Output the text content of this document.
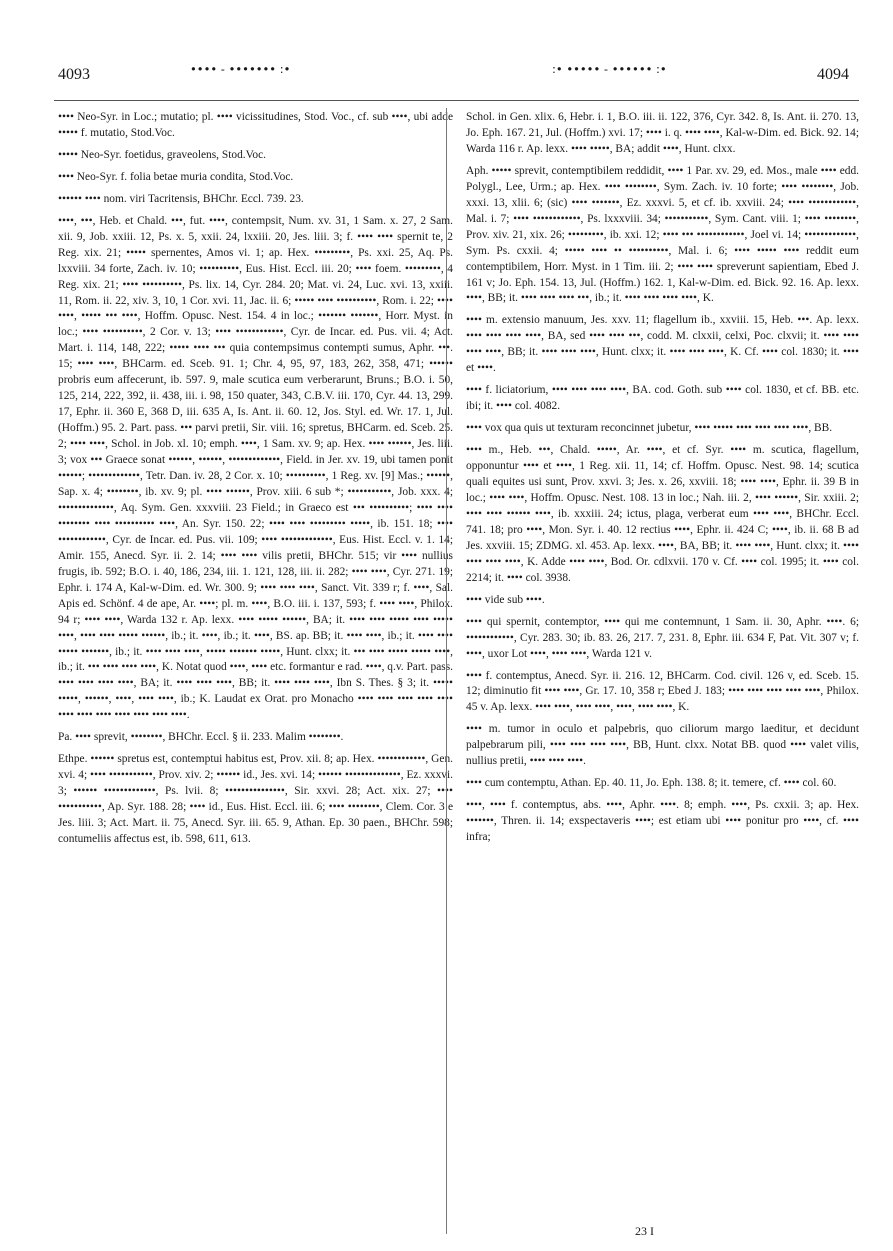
4093	•••• - ••••••• :•	:• ••••• - •••••• :•	4094

•••• Neo-Syr. in Loc.; mutatio; pl. •••• vicissitudines, Stod. Voc., cf. sub ••••, ubi adde ••••• f. mutatio, Stod.Voc.

••••• Neo-Syr. foetidus, graveolens, Stod.Voc.

•••• Neo-Syr. f. folia betae muria condita, Stod.Voc.

•••••• •••• nom. viri Tacritensis, BHChr. Eccl. 739. 23.

••••, •••, Heb. et Chald. •••, fut. ••••, contempsit, Num. xv. 31, 1 Sam. x. 27, 2 Sam. xii. 9, Job. xxiii. 12, Ps. x. 5, xxii. 24, lxxiii. 20, Jes. liii. 3; f. •••• •••• spernit te, 2 Reg. xix. 21; ••••• spernentes, Amos vi. 1; ap. Hex. •••••••••, Ps. xxi. 25, Aq. Ps. lxxviii. 34 forte, Zach. iv. 10; ••••••••••, Eus. Hist. Eccl. iii. 20; •••• foem. •••••••••, 4 Reg. xix. 21; •••• ••••••••••, Ps. lix. 14, Cyr. 284. 20; Mat. vi. 24, Luc. xvi. 13, xxiii. 11, Rom. ii. 22, xiv. 3, 10, 1 Cor. xvi. 11, Jac. ii. 6; ••••• •••• ••••••••••, Rom. i. 22; •••• ••••, ••••• ••• ••••, Hoffm. Opusc. Nest. 154. 4 in loc.; ••••••• •••••••, Horr. Myst. in loc.; •••• ••••••••••, 2 Cor. v. 13; •••• ••••••••••••, Cyr. de Incar. ed. Pus. vii. 4; Act. Mart. i. 114, 148, 222; ••••• •••• ••• quia contempsimus contempti sumus, Aphr. •••. 15; •••• ••••, BHCarm. ed. Sceb. 91. 1; Chr. 4, 95, 97, 183, 262, 358, 471; •••••• probris eum affecerunt, ib. 597. 9, male scutica eum verberarunt, Bruns.; B.O. i. 50, 125, 214, 222, 392, ii. 438, iii. i. 98, 150 quater, 343, C.B.V. iii. 170, Cyr. 44. 13, 299. 17, Ephr. ii. 360 E, 368 D, iii. 635 A, Is. Ant. ii. 60. 12, Jos. Styl. ed. Wr. 17. 1, Jul. (Hoffm.) 95. 2. Part. pass. ••• parvi pretii, Sir. viii. 16; spretus, BHCarm. ed. Sceb. 25. 2; •••• ••••, Schol. in Job. xl. 10; emph. ••••, 1 Sam. xv. 9; ap. Hex. •••• ••••••, Jes. liii. 3; vox ••• Graece sonat ••••••, ••••••, •••••••••••••, Field. in Jer. xv. 19, ubi tamen ponit ••••••; •••••••••••••, Tetr. Dan. iv. 28, 2 Cor. x. 10; ••••••••••, 1 Reg. xv. [9] Mas.; ••••••, Sap. x. 4; ••••••••, ib. xv. 9; pl. •••• ••••••, Prov. xiii. 6 sub *; •••••••••••, Job. xxx. 4; ••••••••••••••, Aq. Sym. Gen. xxxviii. 23 Field.; in Graeco est ••• ••••••••••; •••• •••• •••••••• •••• •••••••••• ••••, An. Syr. 150. 22; •••• •••• ••••••••• •••••, ib. 151. 18; •••• ••••••••••••, Cyr. de Incar. ed. Pus. vii. 109; •••• •••••••••••••, Eus. Hist. Eccl. v. 1. 14; Amir. 155, Anecd. Syr. ii. 2. 14; •••• •••• vilis pretii, BHChr. 515; vir •••• nullius frugis, ib. 592; B.O. i. 40, 186, 234, iii. 1. 121, 128, iii. ii. 282; •••• ••••, Cyr. 271. 19; Ephr. i. 174 A, Kal-w-Dim. ed. Wr. 300. 9; •••• •••• ••••, Sanct. Vit. 339 r; f. ••••, Sal. Apis ed. Schönf. 4 de ape, Ar. ••••; pl. m. ••••, B.O. iii. i. 137, 593; f. •••• ••••, Philox. 94 r; •••• ••••, Warda 132 r. Ap. lexx. •••• ••••• ••••••, BA; it. •••• •••• ••••• •••• ••••• ••••, •••• •••• ••••• ••••••, ib.; it. ••••, ib.; it. ••••, BS. ap. BB; it. •••• ••••, ib.; it. •••• •••• ••••• •••••••, ib.; it. •••• •••• ••••, ••••• ••••••• •••••, Hunt. clxx; it. ••• •••• ••••• ••••• ••••, ib.; it. ••• •••• •••• ••••, K. Notat quod ••••, •••• etc. formantur e rad. ••••, q.v. Part. pass. •••• •••• •••• ••••, BA; it. •••• •••• ••••, BB; it. •••• •••• ••••, Ibn S. Thes. § 3; it. ••••• •••••, ••••••, ••••, •••• ••••, ib.; K. Laudat ex Orat. pro Monacho •••• •••• •••• •••• •••• •••• •••• •••• •••• •••• •••• ••••.

Pa. •••• sprevit, ••••••••, BHChr. Eccl. § ii. 233. Malim ••••••••.

Ethpe. •••••• spretus est, contemptui habitus est, Prov. xii. 8; ap. Hex. ••••••••••••, Gen. xvi. 4; •••• •••••••••••, Prov. xiv. 2; •••••• id., Jes. xvi. 14; •••••• ••••••••••••••, Ez. xxxvi. 3; •••••• •••••••••••••, Ps. lvii. 8; •••••••••••••••, Sir. xxvi. 28; Act. xix. 27; •••• •••••••••••, Ap. Syr. 188. 28; •••• id., Eus. Hist. Eccl. iii. 6; •••• ••••••••, Clem. Cor. 3 e Jes. liii. 3; Act. Mart. ii. 75, Anecd. Syr. iii. 65. 9, Athan. Ep. 30 paen., BHChr. 598; contumeliis affectus est, ib. 598, 611, 613.

Schol. in Gen. xlix. 6, Hebr. i. 1, B.O. iii. ii. 122, 376, Cyr. 342. 8, Is. Ant. ii. 270. 13, Jo. Eph. 167. 21, Jul. (Hoffm.) xvi. 17; •••• i. q. •••• ••••, Kal-w-Dim. ed. Bick. 92. 14; Warda 116 r. Ap. lexx. •••• •••••, BA; addit ••••, Hunt. clxx.

Aph. ••••• sprevit, contemptibilem reddidit, •••• 1 Par. xv. 29, ed. Mos., male •••• edd. Polygl., Lee, Urm.; ap. Hex. •••• ••••••••, Sym. Zach. iv. 10 forte; •••• ••••••••, Job. xxxi. 13, xlii. 6; (sic) •••• •••••••, Ez. xxxvi. 5, et cf. ib. xxviii. 24; •••• ••••••••••••, Mal. i. 7; •••• ••••••••••••, Ps. lxxxviii. 34; •••••••••••, Sym. Cant. viii. 1; •••• ••••••••, Prov. xiv. 21, xix. 26; •••••••••, ib. xxi. 12; •••• ••• ••••••••••••, Joel vi. 14; •••••••••••••, Sym. Ps. cxxii. 4; ••••• •••• •• ••••••••••, Mal. i. 6; •••• ••••• •••• reddit eum contemptibilem, Horr. Myst. in 1 Tim. iii. 2; •••• •••• spreverunt sapientiam, Ebed J. 161 v; Jo. Eph. 154. 13, Jul. (Hoffm.) 162. 1, Kal-w-Dim. ed. Bick. 92. 16. Ap. lexx. ••••, BB; it. •••• •••• •••• •••, ib.; it. •••• •••• •••• ••••, K.

•••• m. extensio manuum, Jes. xxv. 11; flagellum ib., xxviii. 15, Heb. •••. Ap. lexx. •••• •••• •••• ••••, BA, sed •••• •••• •••, codd. M. clxxii, celxi, Poc. clxvii; it. •••• •••• •••• ••••, BB; it. •••• •••• ••••, Hunt. clxx; it. •••• •••• ••••, K. Cf. •••• col. 1830; it. •••• et ••••.

•••• f. liciatorium, •••• •••• •••• ••••, BA. cod. Goth. sub •••• col. 1830, et cf. BB. etc. ibi; it. •••• col. 4082.

•••• vox qua quis ut texturam reconcinnet jubetur, •••• ••••• •••• •••• •••• ••••, BB.

•••• m., Heb. •••, Chald. •••••, Ar. ••••, et cf. Syr. •••• m. scutica, flagellum, opponuntur •••• et ••••, 1 Reg. xii. 11, 14; cf. Hoffm. Opusc. Nest. 98. 14; scutica quali equites usi sunt, Prov. xxvi. 3; Jes. x. 26, xxviii. 18; •••• ••••, Ephr. ii. 39 B in loc.; •••• ••••, Hoffm. Opusc. Nest. 108. 13 in loc.; Nah. iii. 2, •••• ••••••, Sir. xxiii. 2; •••• •••• •••••• ••••, ib. xxxiii. 24; ictus, plaga, verberat eum •••• ••••, BHChr. Eccl. 741. 18; pro ••••, Mon. Syr. i. 40. 12 rectius ••••, Ephr. ii. 424 C; ••••, ib. ii. 68 B ad Jes. xxviii. 15; ZDMG. xl. 453. Ap. lexx. ••••, BA, BB; it. •••• ••••, Hunt. clxx; it. •••• •••• •••• ••••, K. Adde •••• ••••, Bod. Or. cdlxvii. 170 v. Cf. •••• col. 1995; it. •••• col. 2214; it. •••• col. 3938.

•••• vide sub ••••.

•••• qui spernit, contemptor, •••• qui me contemnunt, 1 Sam. ii. 30, Aphr. ••••. 6; ••••••••••••, Cyr. 283. 30; ib. 83. 26, 217. 7, 231. 8, Ephr. iii. 634 F, Pat. Vit. 307 v; f. ••••, uxor Lot ••••, •••• ••••, Warda 121 v.

•••• f. contemptus, Anecd. Syr. ii. 216. 12, BHCarm. Cod. civil. 126 v, ed. Sceb. 15. 12; diminutio fit •••• ••••, Gr. 17. 10, 358 r; Ebed J. 183; •••• •••• •••• •••• ••••, Philox. 45 v. Ap. lexx. •••• ••••, •••• ••••, ••••, •••• ••••, K.

•••• m. tumor in oculo et palpebris, quo ciliorum margo laeditur, et decidunt palpebrarum pili, •••• •••• •••• ••••, BB, Hunt. clxx. Notat BB. quod •••• valet vilis, nullius pretii, •••• •••• ••••.

•••• cum contemptu, Athan. Ep. 40. 11, Jo. Eph. 138. 8; it. temere, cf. •••• col. 60.

••••, •••• f. contemptus, abs. ••••, Aphr. ••••. 8; emph. ••••, Ps. cxxii. 3; ap. Hex. •••••••, Thren. ii. 14; exspectaveris ••••; est etiam ubi •••• ponitur pro ••••, cf. •••• infra;

23 I
